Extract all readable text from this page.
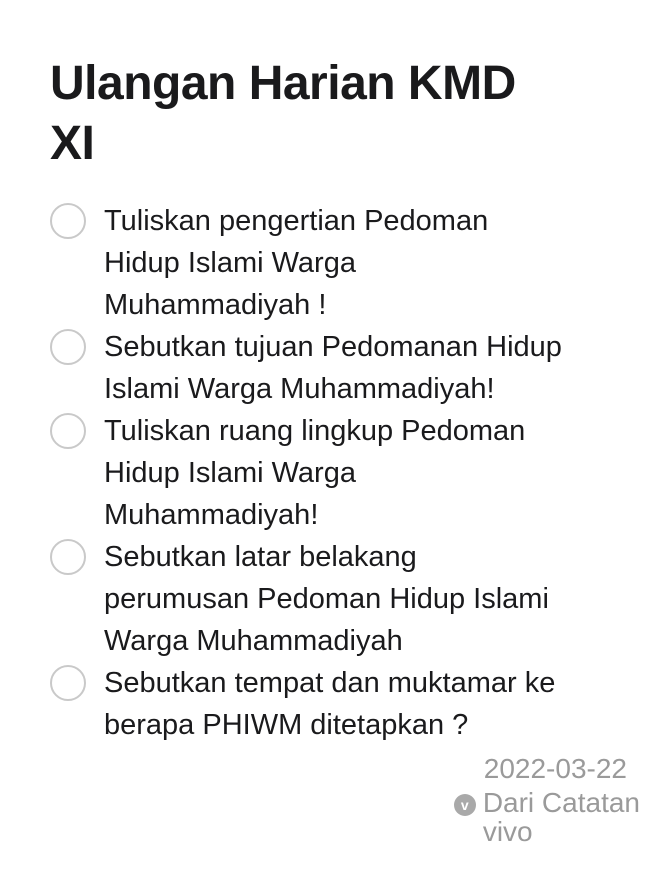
Ulangan Harian KMD
XI
Tuliskan pengertian Pedoman
Hidup Islami Warga
Muhammadiyah !
Sebutkan tujuan Pedomanan Hidup
Islami Warga Muhammadiyah!
Tuliskan ruang lingkup Pedoman
Hidup Islami Warga
Muhammadiyah!
Sebutkan latar belakang
perumusan Pedoman Hidup Islami
Warga Muhammadiyah
Sebutkan tempat dan muktamar ke
berapa PHIWM ditetapkan ?
2022-03-22
v Dari Catatan
vivo
